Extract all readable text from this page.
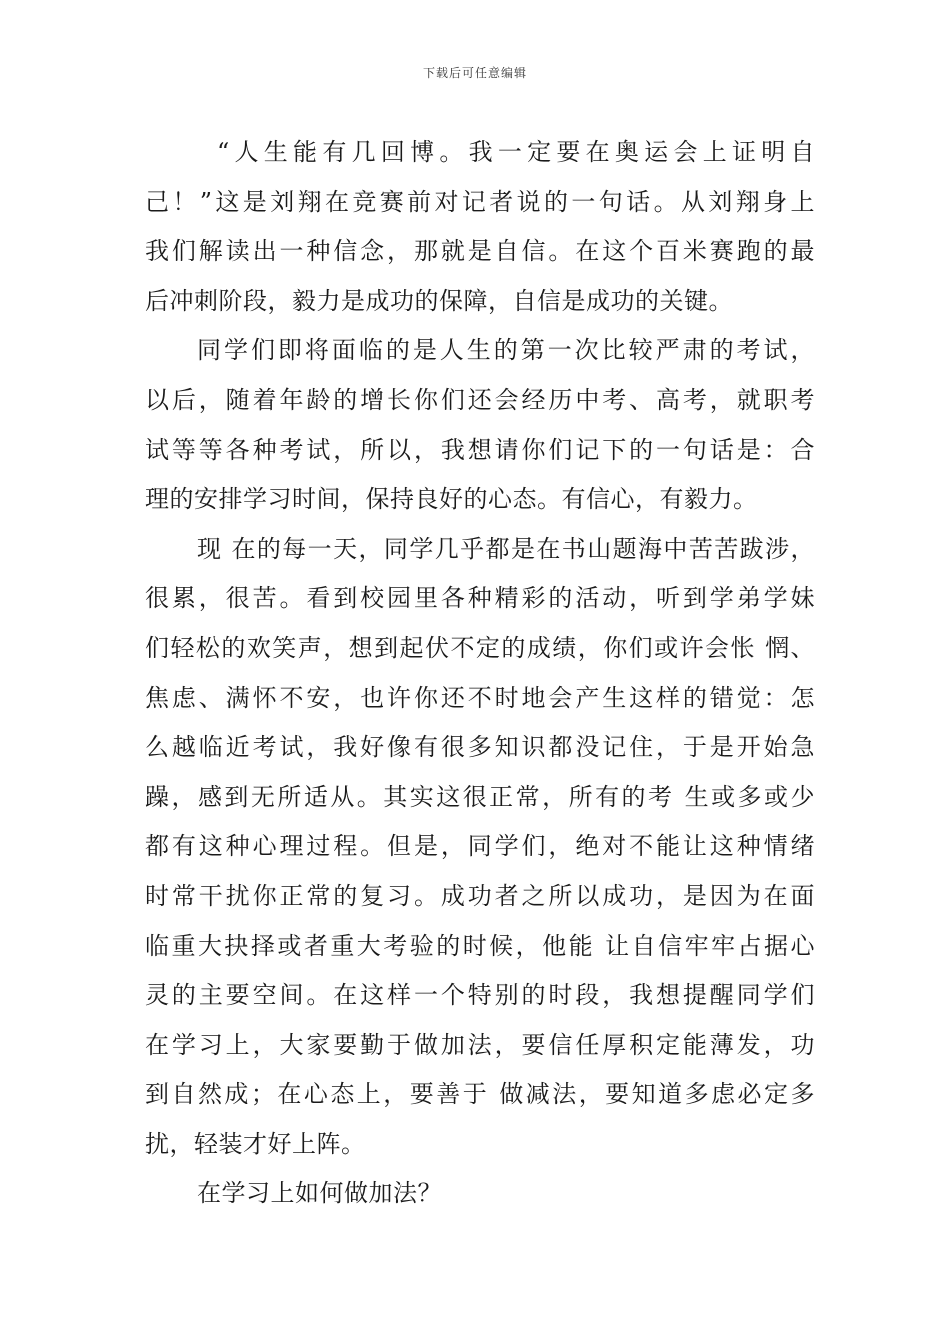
下载后可任意编辑
“人生能有几回博。我一定要在奥运会上证明自
己！”这是刘翔在竞赛前对记者说的一句话。从刘翔身上
我们解读出一种信念，那就是自信。在这个百米赛跑的最
后冲刺阶段，毅力是成功的保障，自信是成功的关键。
同学们即将面临的是人生的第一次比较严肃的考试，
以后，随着年龄的增长你们还会经历中考、高考，就职考
试等等各种考试，所以，我想请你们记下的一句话是：合
理的安排学习时间，保持良好的心态。有信心，有毅力。
现 在的每一天，同学几乎都是在书山题海中苦苦跋涉，
很累，很苦。看到校园里各种精彩的活动，听到学弟学妹
们轻松的欢笑声，想到起伏不定的成绩，你们或许会怅 惘、
焦虑、满怀不安，也许你还不时地会产生这样的错觉：怎
么越临近考试，我好像有很多知识都没记住，于是开始急
躁，感到无所适从。其实这很正常，所有的考 生或多或少
都有这种心理过程。但是，同学们，绝对不能让这种情绪
时常干扰你正常的复习。成功者之所以成功，是因为在面
临重大抉择或者重大考验的时候，他能 让自信牢牢占据心
灵的主要空间。在这样一个特别的时段，我想提醒同学们
在学习上，大家要勤于做加法，要信任厚积定能薄发，功
到自然成；在心态上，要善于 做减法，要知道多虑必定多
扰，轻装才好上阵。
在学习上如何做加法？
